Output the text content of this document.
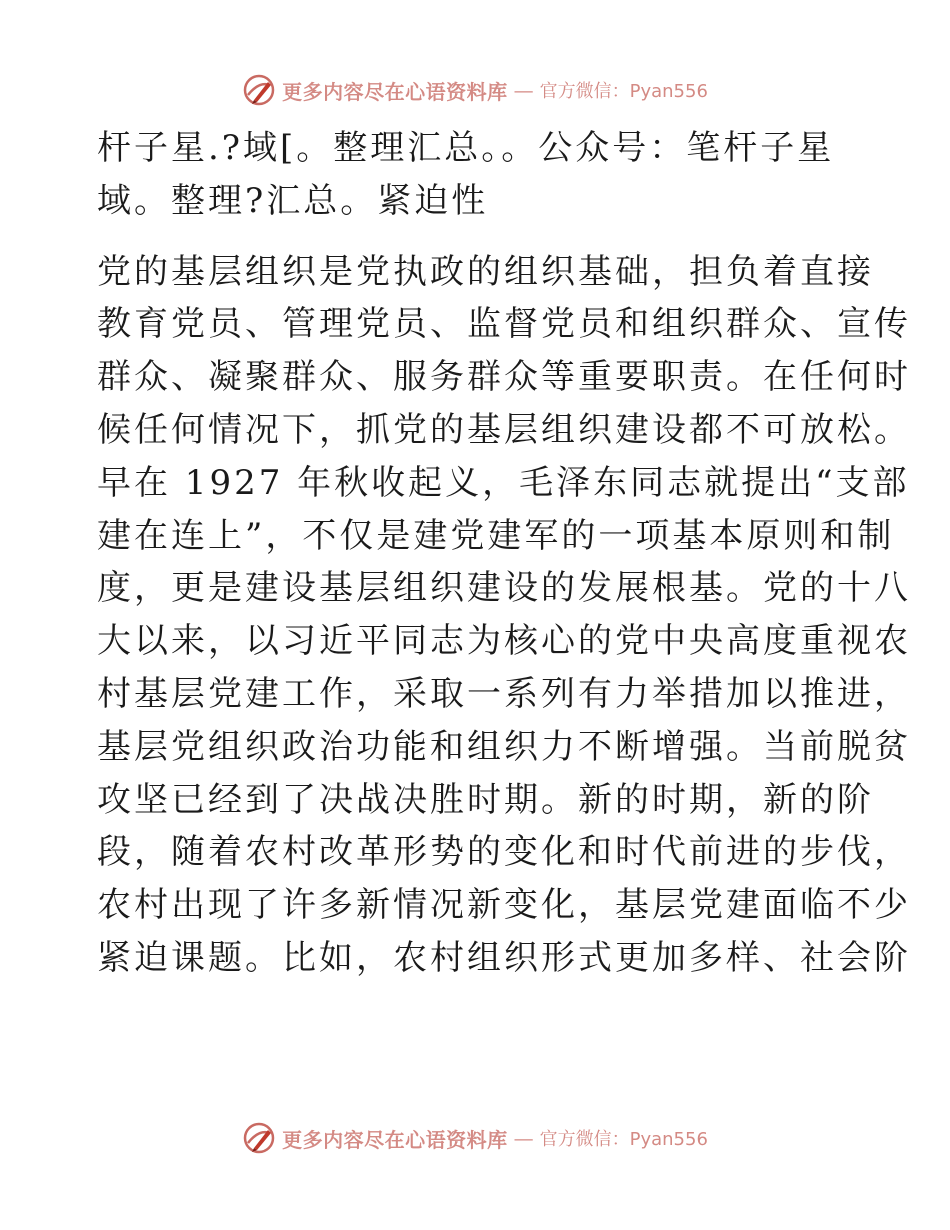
更多内容尽在心语资料库 — 官方微信：Pyan556
杆子星.?域[。整理汇总。。公众号：笔杆子星
域。整理?汇总。紧迫性
党的基层组织是党执政的组织基础，担负着直接
教育党员、管理党员、监督党员和组织群众、宣传
群众、凝聚群众、服务群众等重要职责。在任何时
候任何情况下，抓党的基层组织建设都不可放松。
早在 1927 年秋收起义，毛泽东同志就提出“支部
建在连上”，不仅是建党建军的一项基本原则和制
度，更是建设基层组织建设的发展根基。党的十八
大以来，以习近平同志为核心的党中央高度重视农
村基层党建工作，采取一系列有力举措加以推进，
基层党组织政治功能和组织力不断增强。当前脱贫
攻坚已经到了决战决胜时期。新的时期，新的阶
段，随着农村改革形势的变化和时代前进的步伐，
农村出现了许多新情况新变化，基层党建面临不少
紧迫课题。比如，农村组织形式更加多样、社会阶
更多内容尽在心语资料库 — 官方微信：Pyan556
